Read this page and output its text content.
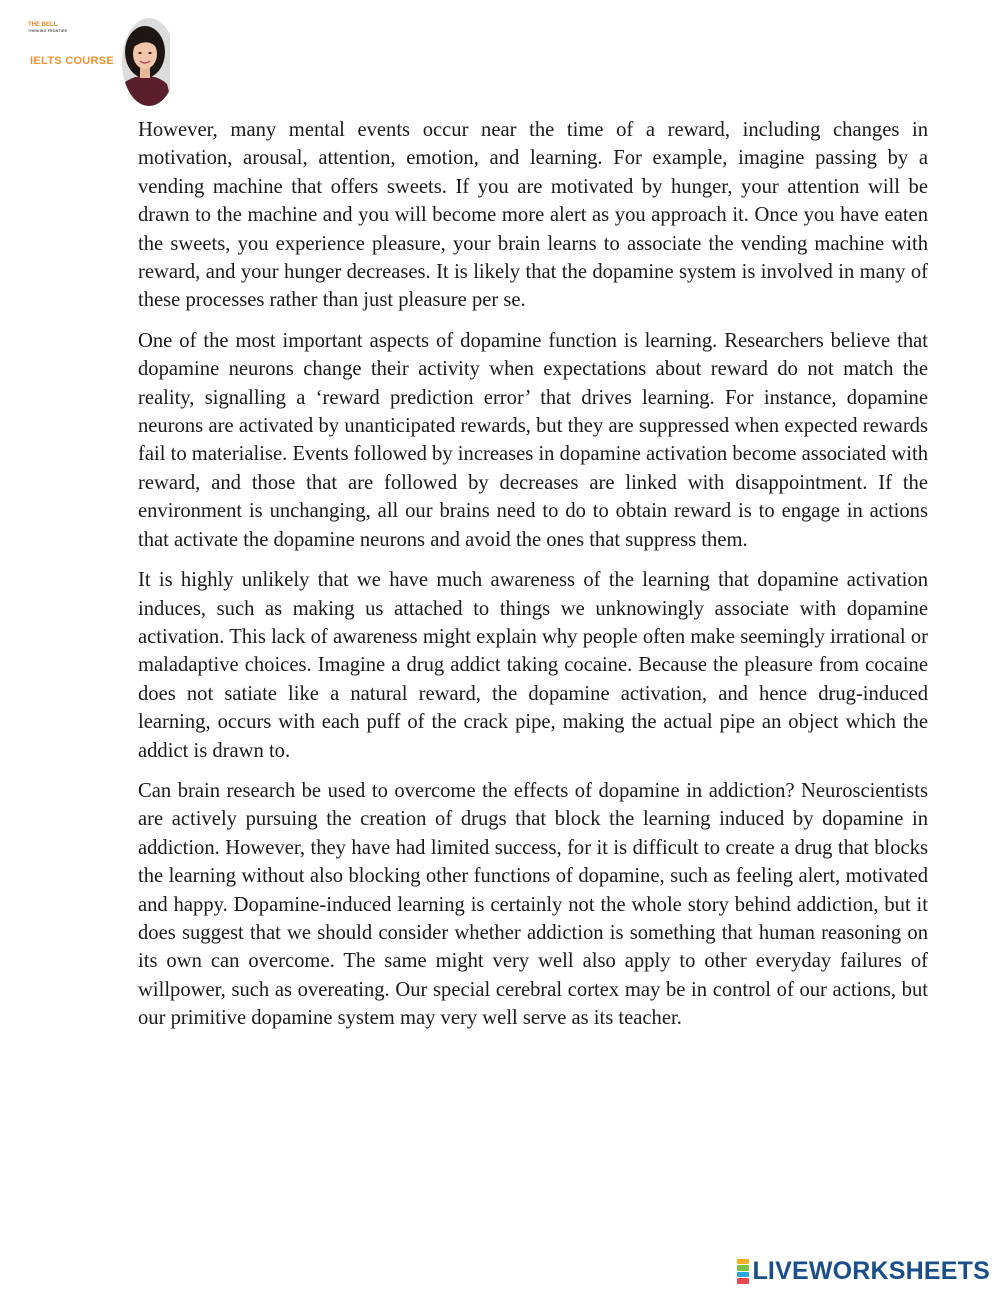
THE BELL
THINKING FRONTIER
IELTS COURSE

However, many mental events occur near the time of a reward, including changes in motivation, arousal, attention, emotion, and learning. For example, imagine passing by a vending machine that offers sweets. If you are motivated by hunger, your attention will be drawn to the machine and you will become more alert as you approach it. Once you have eaten the sweets, you experience pleasure, your brain learns to associate the vending machine with reward, and your hunger decreases. It is likely that the dopamine system is involved in many of these processes rather than just pleasure per se.

One of the most important aspects of dopamine function is learning. Researchers believe that dopamine neurons change their activity when expectations about reward do not match the reality, signalling a ‘reward prediction error’ that drives learning. For instance, dopamine neurons are activated by unanticipated rewards, but they are suppressed when expected rewards fail to materialise. Events followed by increases in dopamine activation become associated with reward, and those that are followed by decreases are linked with disappointment. If the environment is unchanging, all our brains need to do to obtain reward is to engage in actions that activate the dopamine neurons and avoid the ones that suppress them.

It is highly unlikely that we have much awareness of the learning that dopamine activation induces, such as making us attached to things we unknowingly associate with dopamine activation. This lack of awareness might explain why people often make seemingly irrational or maladaptive choices. Imagine a drug addict taking cocaine. Because the pleasure from cocaine does not satiate like a natural reward, the dopamine activation, and hence drug-induced learning, occurs with each puff of the crack pipe, making the actual pipe an object which the addict is drawn to.

Can brain research be used to overcome the effects of dopamine in addiction? Neuroscientists are actively pursuing the creation of drugs that block the learning induced by dopamine in addiction. However, they have had limited success, for it is difficult to create a drug that blocks the learning without also blocking other functions of dopamine, such as feeling alert, motivated and happy. Dopamine-induced learning is certainly not the whole story behind addiction, but it does suggest that we should consider whether addiction is something that human reasoning on its own can overcome. The same might very well also apply to other everyday failures of willpower, such as overeating. Our special cerebral cortex may be in control of our actions, but our primitive dopamine system may very well serve as its teacher.

LIVEWORKSHEETS
